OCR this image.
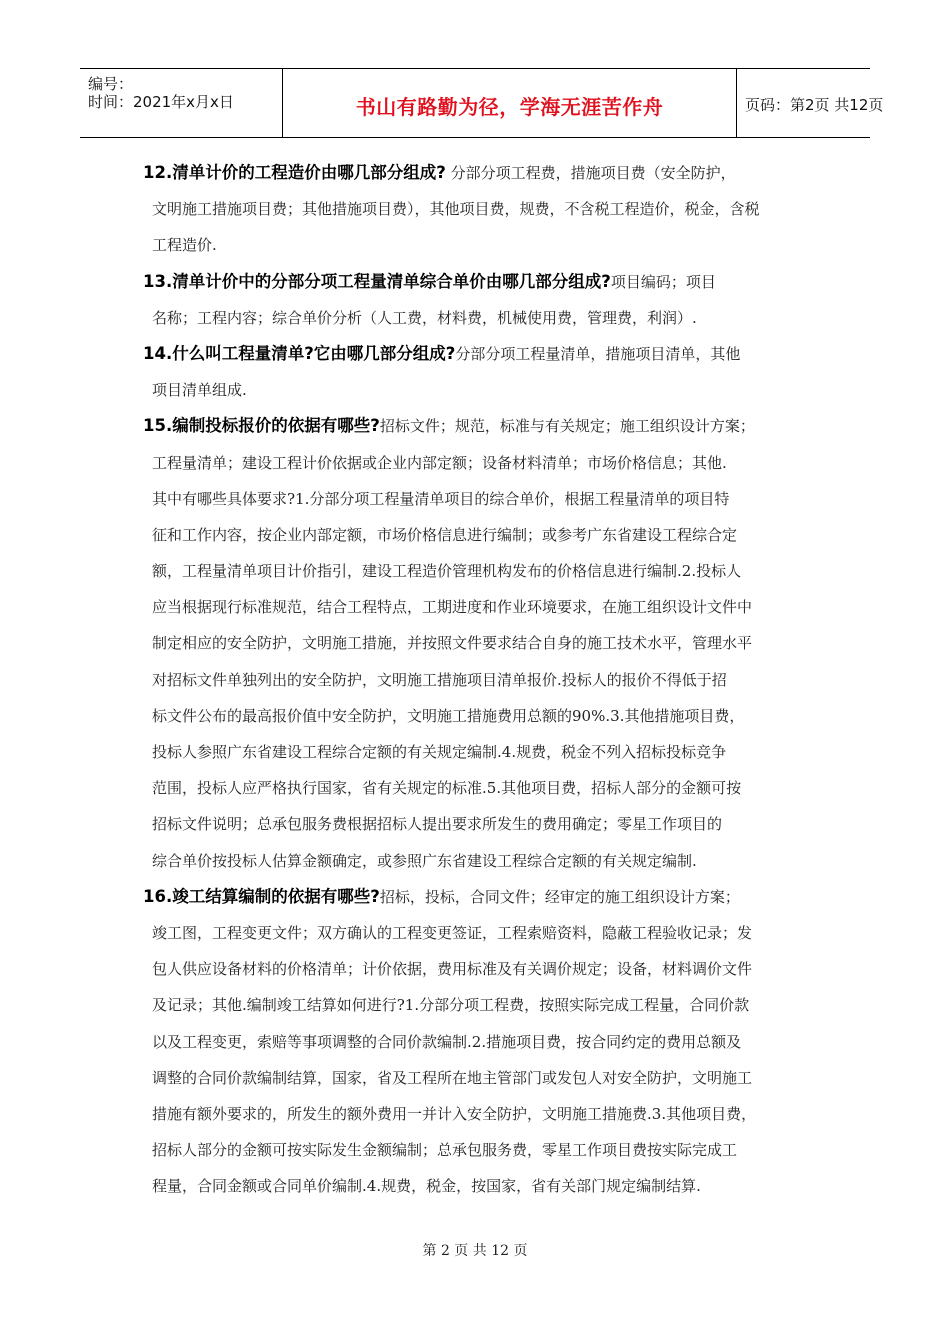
编号：
时间：2021年x月x日	书山有路勤为径，学海无涯苦作舟	页码：第2页 共12页
12.清单计价的工程造价由哪几部分组成? 分部分项工程费，措施项目费（安全防护，
文明施工措施项目费；其他措施项目费），其他项目费，规费，不含税工程造价，税金，含税
工程造价.
13.清单计价中的分部分项工程量清单综合单价由哪几部分组成?项目编码；项目
名称；工程内容；综合单价分析（人工费，材料费，机械使用费，管理费，利润）.
14.什么叫工程量清单?它由哪几部分组成?分部分项工程量清单，措施项目清单，其他
项目清单组成.
15.编制投标报价的依据有哪些?招标文件；规范，标准与有关规定；施工组织设计方案；
工程量清单；建设工程计价依据或企业内部定额；设备材料清单；市场价格信息；其他.
其中有哪些具体要求?1.分部分项工程量清单项目的综合单价，根据工程量清单的项目特
征和工作内容，按企业内部定额，市场价格信息进行编制；或参考广东省建设工程综合定
额，工程量清单项目计价指引，建设工程造价管理机构发布的价格信息进行编制.2.投标人
应当根据现行标准规范，结合工程特点，工期进度和作业环境要求，在施工组织设计文件中
制定相应的安全防护，文明施工措施，并按照文件要求结合自身的施工技术水平，管理水平
对招标文件单独列出的安全防护，文明施工措施项目清单报价.投标人的报价不得低于招
标文件公布的最高报价值中安全防护，文明施工措施费用总额的90%.3.其他措施项目费，
投标人参照广东省建设工程综合定额的有关规定编制.4.规费，税金不列入招标投标竞争
范围，投标人应严格执行国家，省有关规定的标准.5.其他项目费，招标人部分的金额可按
招标文件说明；总承包服务费根据招标人提出要求所发生的费用确定；零星工作项目的
综合单价按投标人估算金额确定，或参照广东省建设工程综合定额的有关规定编制.
16.竣工结算编制的依据有哪些?招标，投标，合同文件；经审定的施工组织设计方案；
竣工图，工程变更文件；双方确认的工程变更签证，工程索赔资料，隐蔽工程验收记录；发
包人供应设备材料的价格清单；计价依据，费用标准及有关调价规定；设备，材料调价文件
及记录；其他.编制竣工结算如何进行?1.分部分项工程费，按照实际完成工程量，合同价款
以及工程变更，索赔等事项调整的合同价款编制.2.措施项目费，按合同约定的费用总额及
调整的合同价款编制结算，国家，省及工程所在地主管部门或发包人对安全防护，文明施工
措施有额外要求的，所发生的额外费用一并计入安全防护，文明施工措施费.3.其他项目费，
招标人部分的金额可按实际发生金额编制；总承包服务费，零星工作项目费按实际完成工
程量，合同金额或合同单价编制.4.规费，税金，按国家，省有关部门规定编制结算.
第 2 页 共 12 页
